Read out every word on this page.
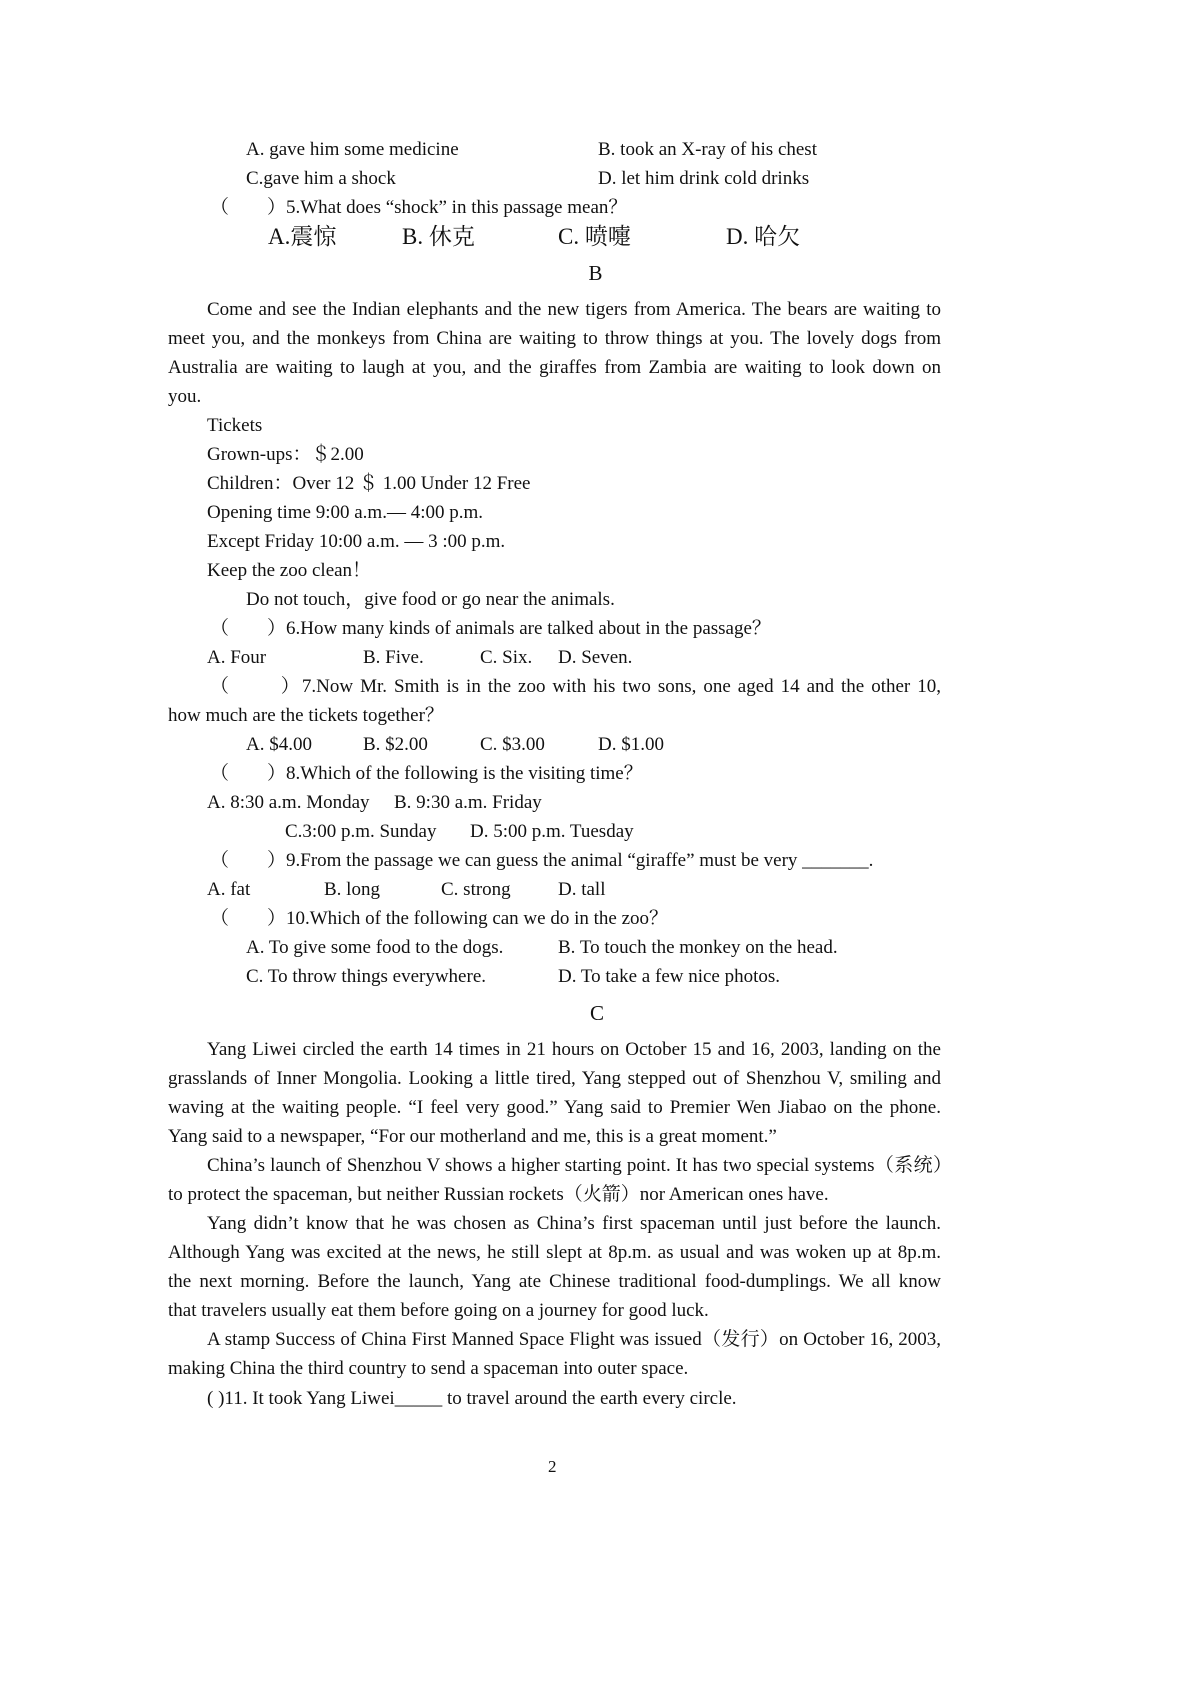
A. gave him some medicine	B. took an X-ray of his chest
C.gave him a shock	D. let him drink cold drinks
（　　）5.What does “shock” in this passage mean？
A.震惊	B. 休克	C. 喷嚏	D. 哈欠
B
Come and see the Indian elephants and the new tigers from America. The bears are waiting to
meet you, and the monkeys from China are waiting to throw things at you. The lovely dogs from
Australia are waiting to laugh at you, and the giraffes from Zambia are waiting to look down on
you.
Tickets
Grown-ups：＄2.00
Children：Over 12 ＄ 1.00 Under 12 Free
Opening time 9:00 a.m.— 4:00 p.m.
Except Friday 10:00 a.m. — 3 :00 p.m.
Keep the zoo clean！
Do not touch，give food or go near the animals.
（　　）6.How many kinds of animals are talked about in the passage？
A. Four	B. Five.	C. Six. D. Seven.
（　　 ）7.Now Mr. Smith is in the zoo with his two sons, one aged 14 and the other 10,
how much are the tickets together？
A. $4.00	B. $2.00	C. $3.00	D. $1.00
（　　）8.Which of the following is the visiting time？
A. 8:30 a.m. Monday B. 9:30 a.m. Friday
C.3:00 p.m. Sunday D. 5:00 p.m. Tuesday
（　　）9.From the passage we can guess the animal “giraffe” must be very _______.
A. fat	B. long	C. strong D. tall
（　　）10.Which of the following can we do in the zoo？
A. To give some food to the dogs.	B. To touch the monkey on the head.
C. To throw things everywhere.	D. To take a few nice photos.
C
Yang Liwei circled the earth 14 times in 21 hours on October 15 and 16, 2003, landing on the
grasslands of Inner Mongolia. Looking a little tired, Yang stepped out of Shenzhou V, smiling and
waving at the waiting people. “I feel very good.” Yang said to Premier Wen Jiabao on the phone.
Yang said to a newspaper, “For our motherland and me, this is a great moment.”
China’s launch of Shenzhou V shows a higher starting point. It has two special systems（系统）
to protect the spaceman, but neither Russian rockets（火箭）nor American ones have.
Yang didn’t know that he was chosen as China’s first spaceman until just before the launch.
Although Yang was excited at the news, he still slept at 8p.m. as usual and was woken up at 8p.m.
the next morning. Before the launch, Yang ate Chinese traditional food-dumplings. We all know
that travelers usually eat them before going on a journey for good luck.
A stamp Success of China First Manned Space Flight was issued（发行）on October 16, 2003,
making China the third country to send a spaceman into outer space.
( )11. It took Yang Liwei_____ to travel around the earth every circle.
2
